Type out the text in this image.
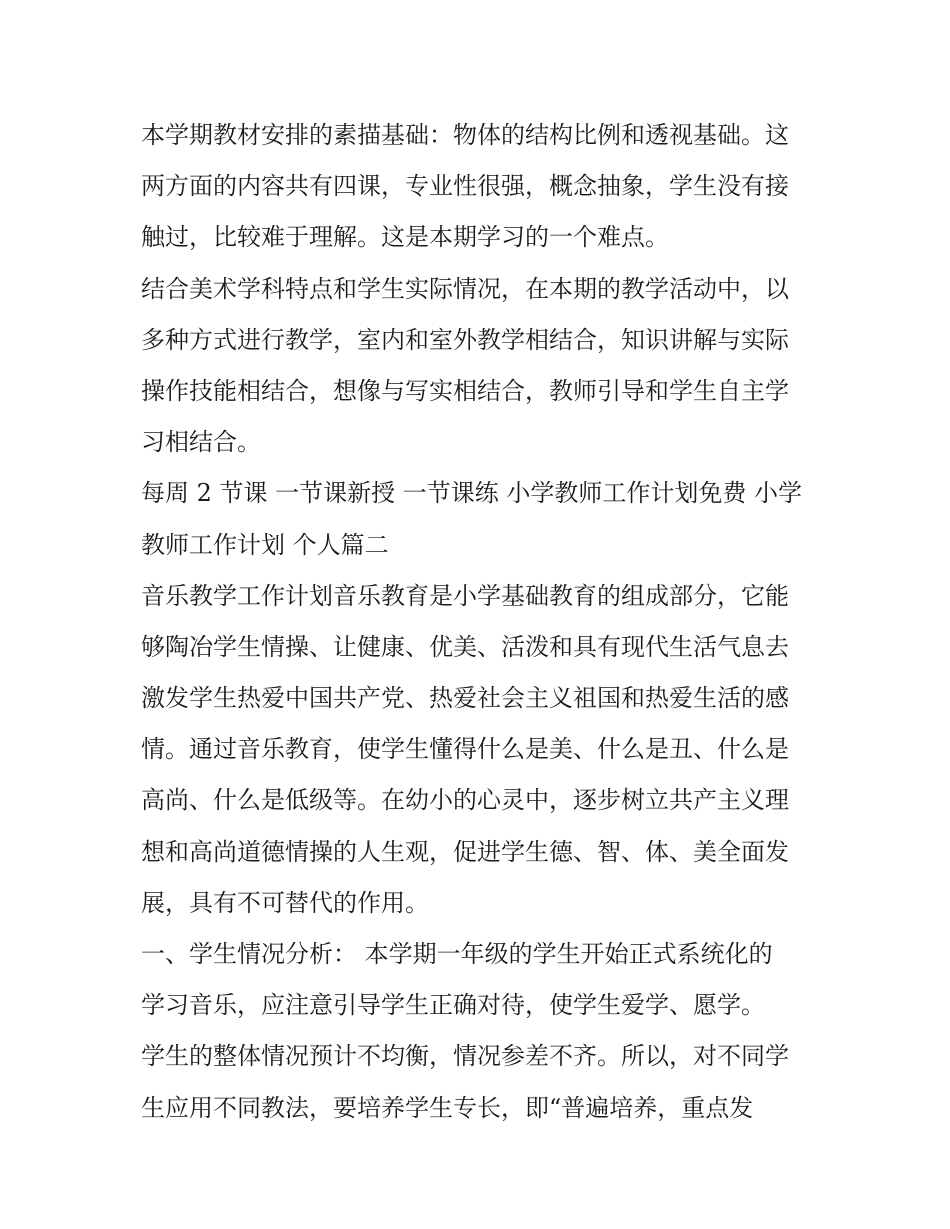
本学期教材安排的素描基础：物体的结构比例和透视基础。这
两方面的内容共有四课，专业性很强，概念抽象，学生没有接
触过，比较难于理解。这是本期学习的一个难点。
结合美术学科特点和学生实际情况，在本期的教学活动中，以
多种方式进行教学，室内和室外教学相结合，知识讲解与实际
操作技能相结合，想像与写实相结合，教师引导和学生自主学
习相结合。
每周 2 节课 一节课新授 一节课练 小学教师工作计划免费 小学
教师工作计划 个人篇二
音乐教学工作计划音乐教育是小学基础教育的组成部分，它能
够陶冶学生情操、让健康、优美、活泼和具有现代生活气息去
激发学生热爱中国共产党、热爱社会主义祖国和热爱生活的感
情。通过音乐教育，使学生懂得什么是美、什么是丑、什么是
高尚、什么是低级等。在幼小的心灵中，逐步树立共产主义理
想和高尚道德情操的人生观，促进学生德、智、体、美全面发
展，具有不可替代的作用。
一、学生情况分析： 本学期一年级的学生开始正式系统化的
学习音乐，应注意引导学生正确对待，使学生爱学、愿学。
学生的整体情况预计不均衡，情况参差不齐。所以，对不同学
生应用不同教法，要培养学生专长，即“普遍培养，重点发
